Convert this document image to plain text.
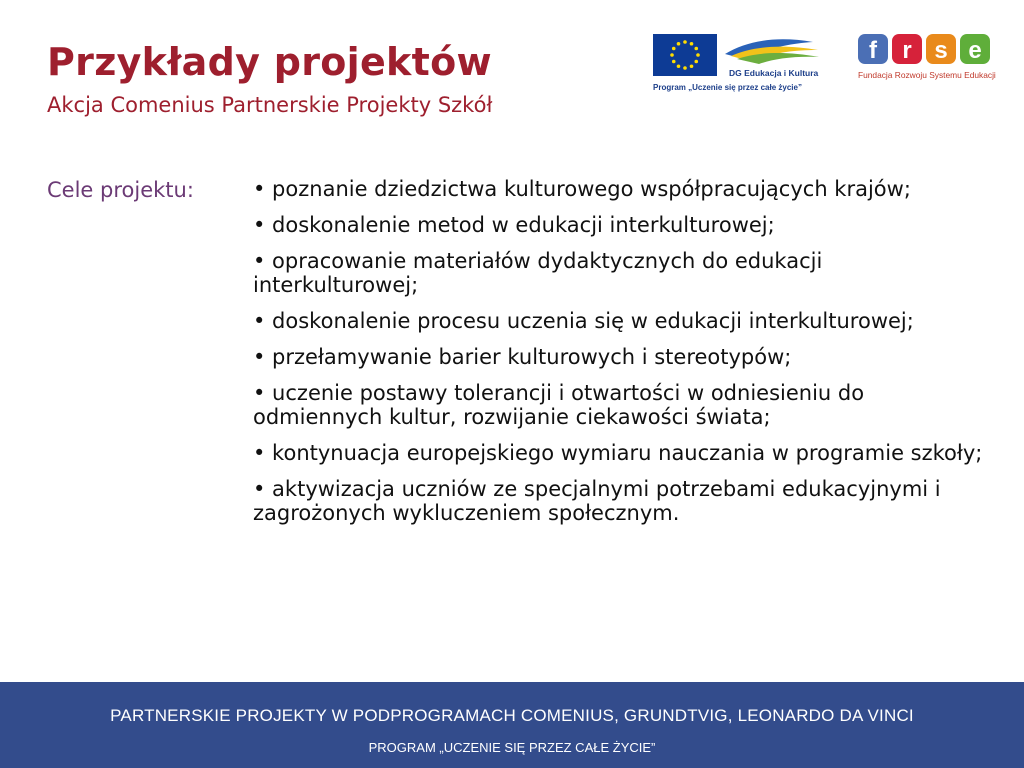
Przykłady projektów
Akcja Comenius Partnerskie Projekty Szkół
DG Edukacja i Kultura
Program „Uczenie się przez całe życie”
f r s e
Fundacja Rozwoju Systemu Edukacji
Cele projektu:	• poznanie dziedzictwa kulturowego współpracujących krajów;
• doskonalenie metod w edukacji interkulturowej;
• opracowanie materiałów dydaktycznych do edukacji interkulturowej;
• doskonalenie procesu uczenia się w edukacji interkulturowej;
• przełamywanie barier kulturowych i stereotypów;
• uczenie postawy tolerancji i otwartości w odniesieniu do odmiennych kultur, rozwijanie ciekawości świata;
• kontynuacja europejskiego wymiaru nauczania w programie szkoły;
• aktywizacja uczniów ze specjalnymi potrzebami edukacyjnymi i zagrożonych wykluczeniem społecznym.
PARTNERSKIE PROJEKTY W PODPROGRAMACH COMENIUS, GRUNDTVIG, LEONARDO DA VINCI
PROGRAM „UCZENIE SIĘ PRZEZ CAŁE ŻYCIE”
